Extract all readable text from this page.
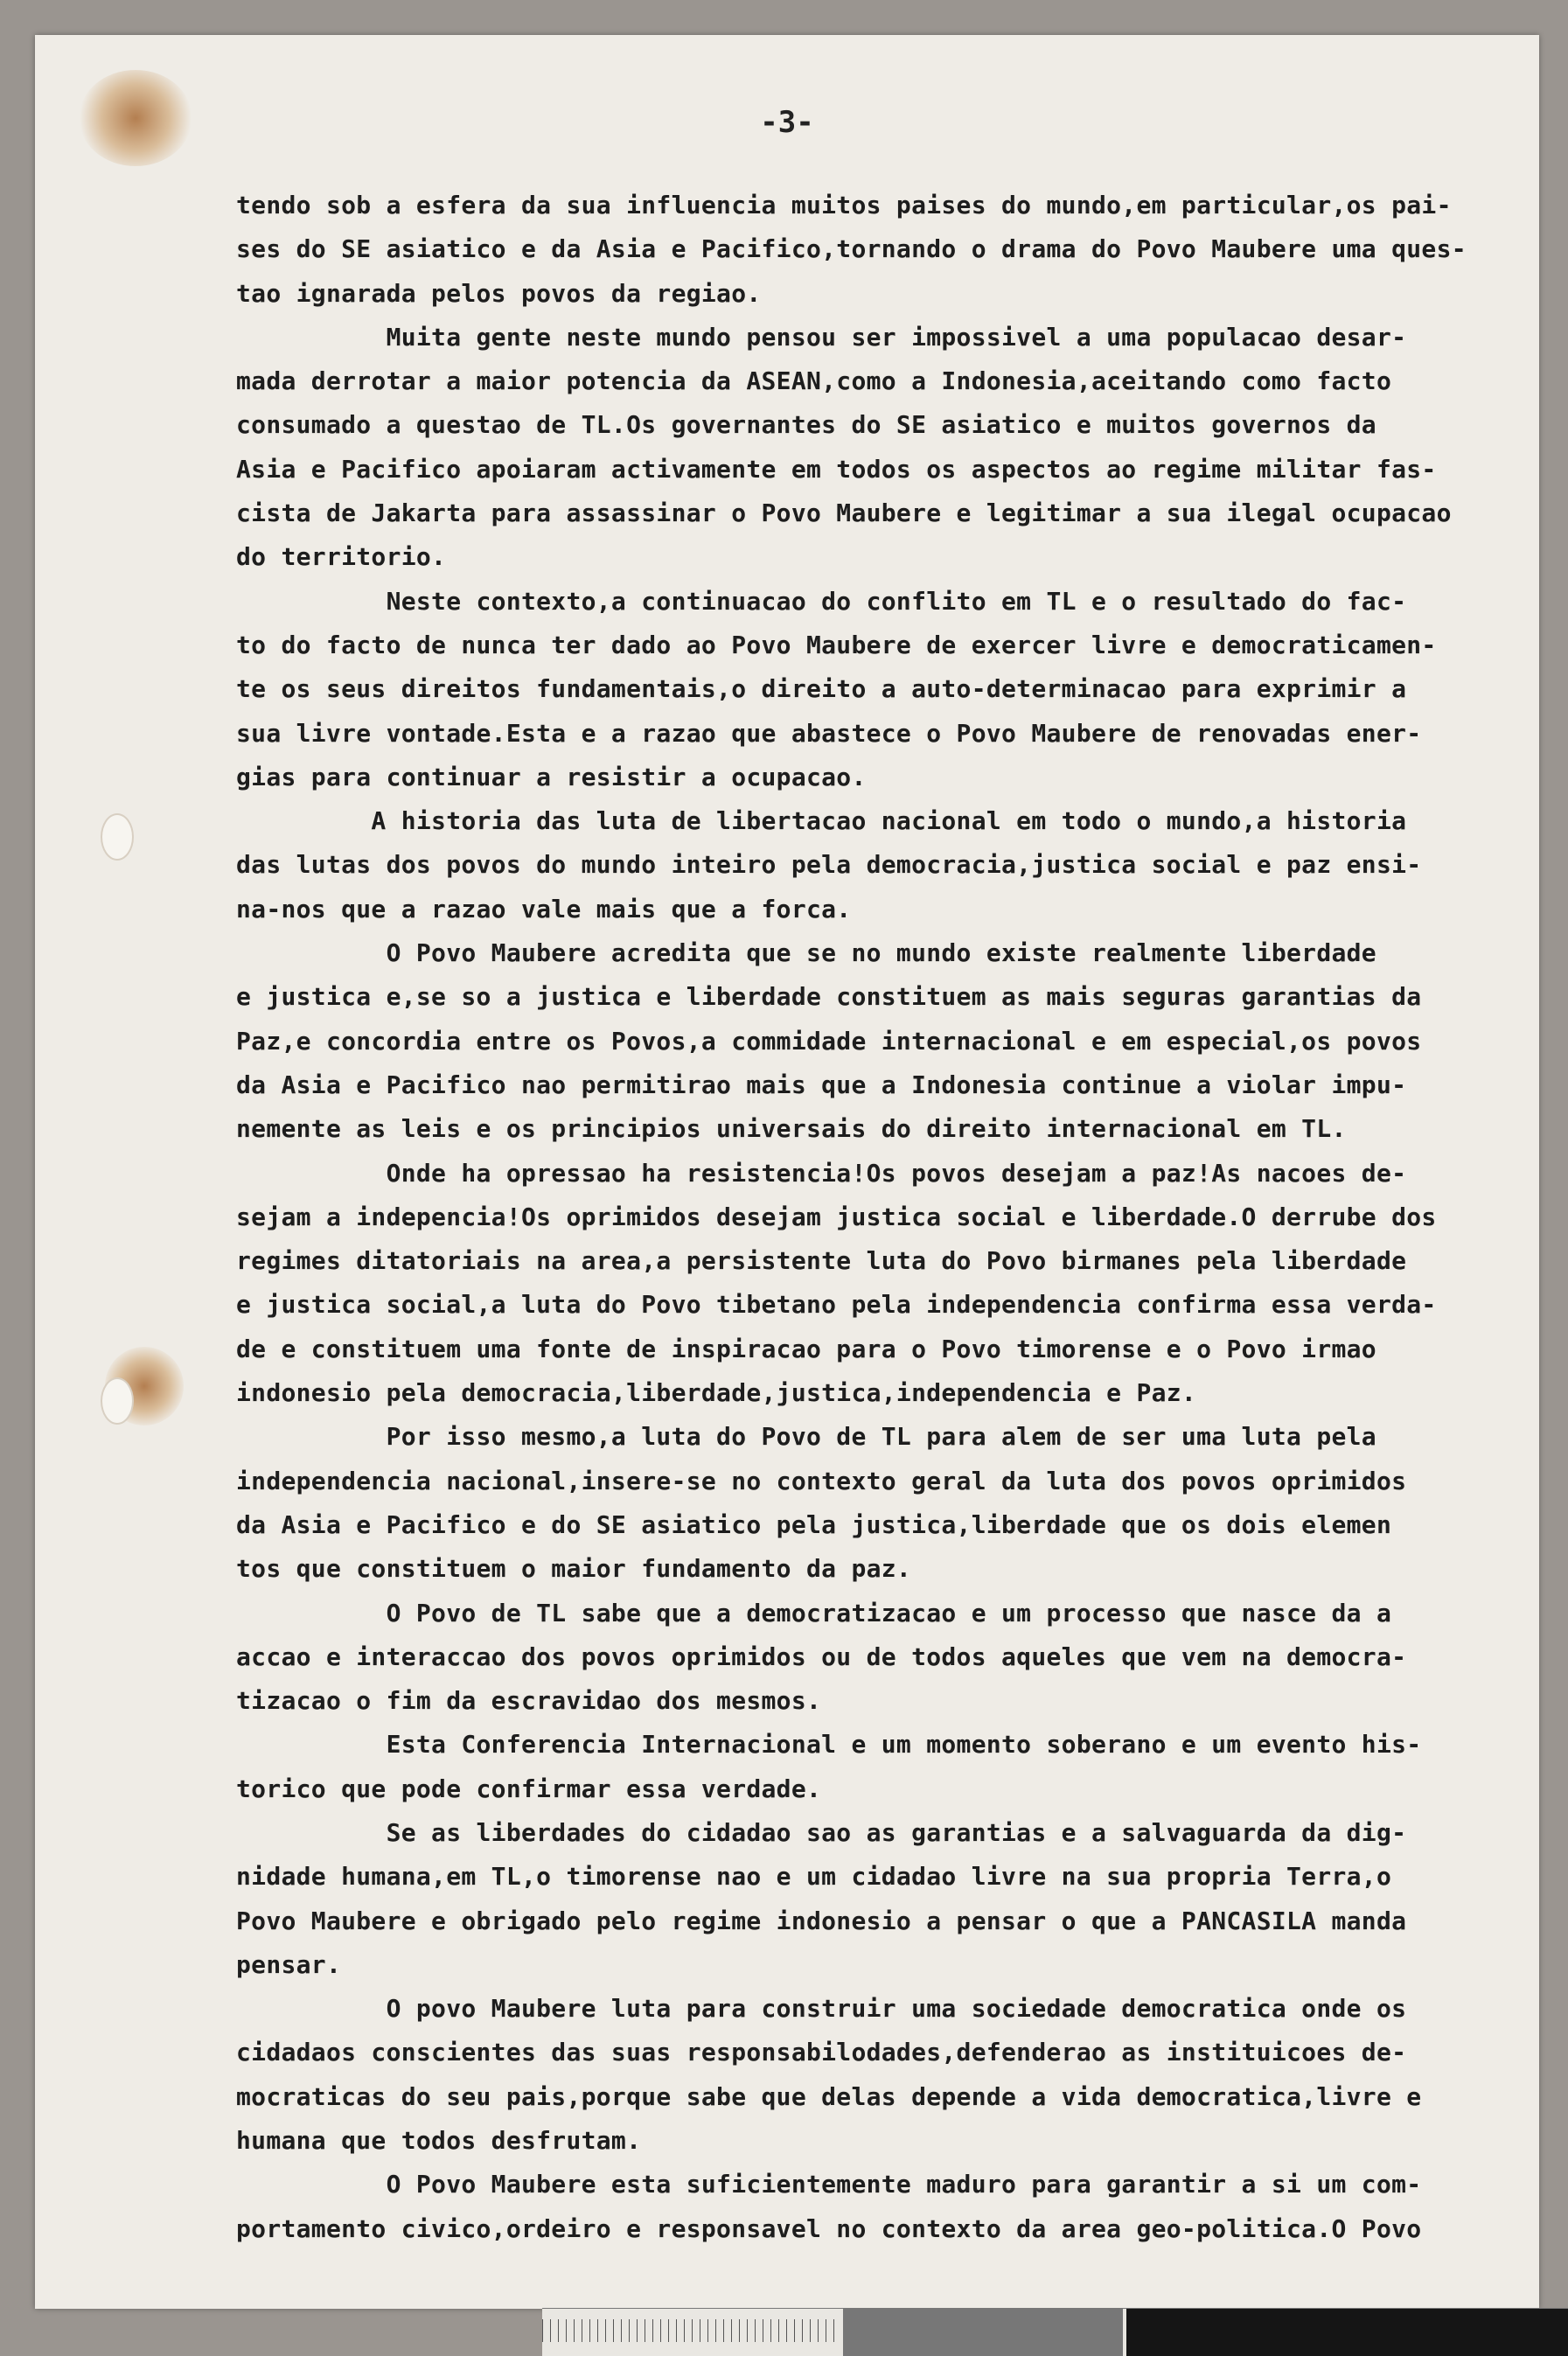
-3-

tendo sob a esfera da sua influencia muitos paises do mundo,em particular,os pai-

ses do SE asiatico e da Asia e Pacifico,tornando o drama do Povo Maubere uma ques-

tao ignarada pelos povos da regiao.

Muita gente neste mundo pensou ser impossivel a uma populacao desar-

mada derrotar a maior potencia da ASEAN,como a Indonesia,aceitando como facto

consumado a questao de TL.Os governantes do SE asiatico e muitos governos da

Asia e Pacifico apoiaram activamente em todos os aspectos ao regime militar fas-

cista de Jakarta para assassinar o Povo Maubere e legitimar a sua ilegal ocupacao

do territorio.

Neste contexto,a continuacao do conflito em TL e o resultado do fac-

to do facto de nunca ter dado ao Povo Maubere de exercer livre e democraticamen-

te os seus direitos fundamentais,o direito a auto-determinacao para exprimir a

sua livre vontade.Esta e a razao que abastece o Povo Maubere de renovadas ener-

gias para continuar a resistir a ocupacao.

A historia das luta de libertacao nacional em todo o mundo,a historia

das lutas dos povos do mundo inteiro pela democracia,justica social e paz ensi-

na-nos que a razao vale mais que a forca.

O Povo Maubere acredita que se no mundo existe realmente liberdade

e justica e,se so a justica e liberdade constituem as mais seguras garantias da

Paz,e concordia entre os Povos,a commidade internacional e em especial,os povos

da Asia e Pacifico nao permitirao mais que a Indonesia continue a violar impu-

nemente as leis e os principios universais do direito internacional em TL.

Onde ha opressao ha resistencia!Os povos desejam a paz!As nacoes de-

sejam a indepencia!Os oprimidos desejam justica social e liberdade.O derrube dos

regimes ditatoriais na area,a persistente luta do Povo birmanes pela liberdade

e justica social,a luta do Povo tibetano pela independencia confirma essa verda-

de e constituem uma fonte de inspiracao para o Povo timorense e o Povo irmao

indonesio pela democracia,liberdade,justica,independencia e Paz.

Por isso mesmo,a luta do Povo de TL para alem de ser uma luta pela

independencia nacional,insere-se no contexto geral da luta dos povos oprimidos

da Asia e Pacifico e do SE asiatico pela justica,liberdade que os dois elemen

tos que constituem o maior fundamento da paz.

O Povo de TL sabe que a democratizacao e um processo que nasce da a

accao e interaccao dos povos oprimidos ou de todos aqueles que vem na democra-

tizacao o fim da escravidao dos mesmos.

Esta Conferencia Internacional e um momento soberano e um evento his-

torico que pode confirmar essa verdade.

Se as liberdades do cidadao sao as garantias e a salvaguarda da dig-

nidade humana,em TL,o timorense nao e um cidadao livre na sua propria Terra,o

Povo Maubere e obrigado pelo regime indonesio a pensar o que a PANCASILA manda

pensar.

O povo Maubere luta para construir uma sociedade democratica onde os

cidadaos conscientes das suas responsabilodades,defenderao as instituicoes de-

mocraticas do seu pais,porque sabe que delas depende a vida democratica,livre e

humana que todos desfrutam.

O Povo Maubere esta suficientemente maduro para garantir a si um com-

portamento civico,ordeiro e responsavel no contexto da area geo-politica.O Povo
